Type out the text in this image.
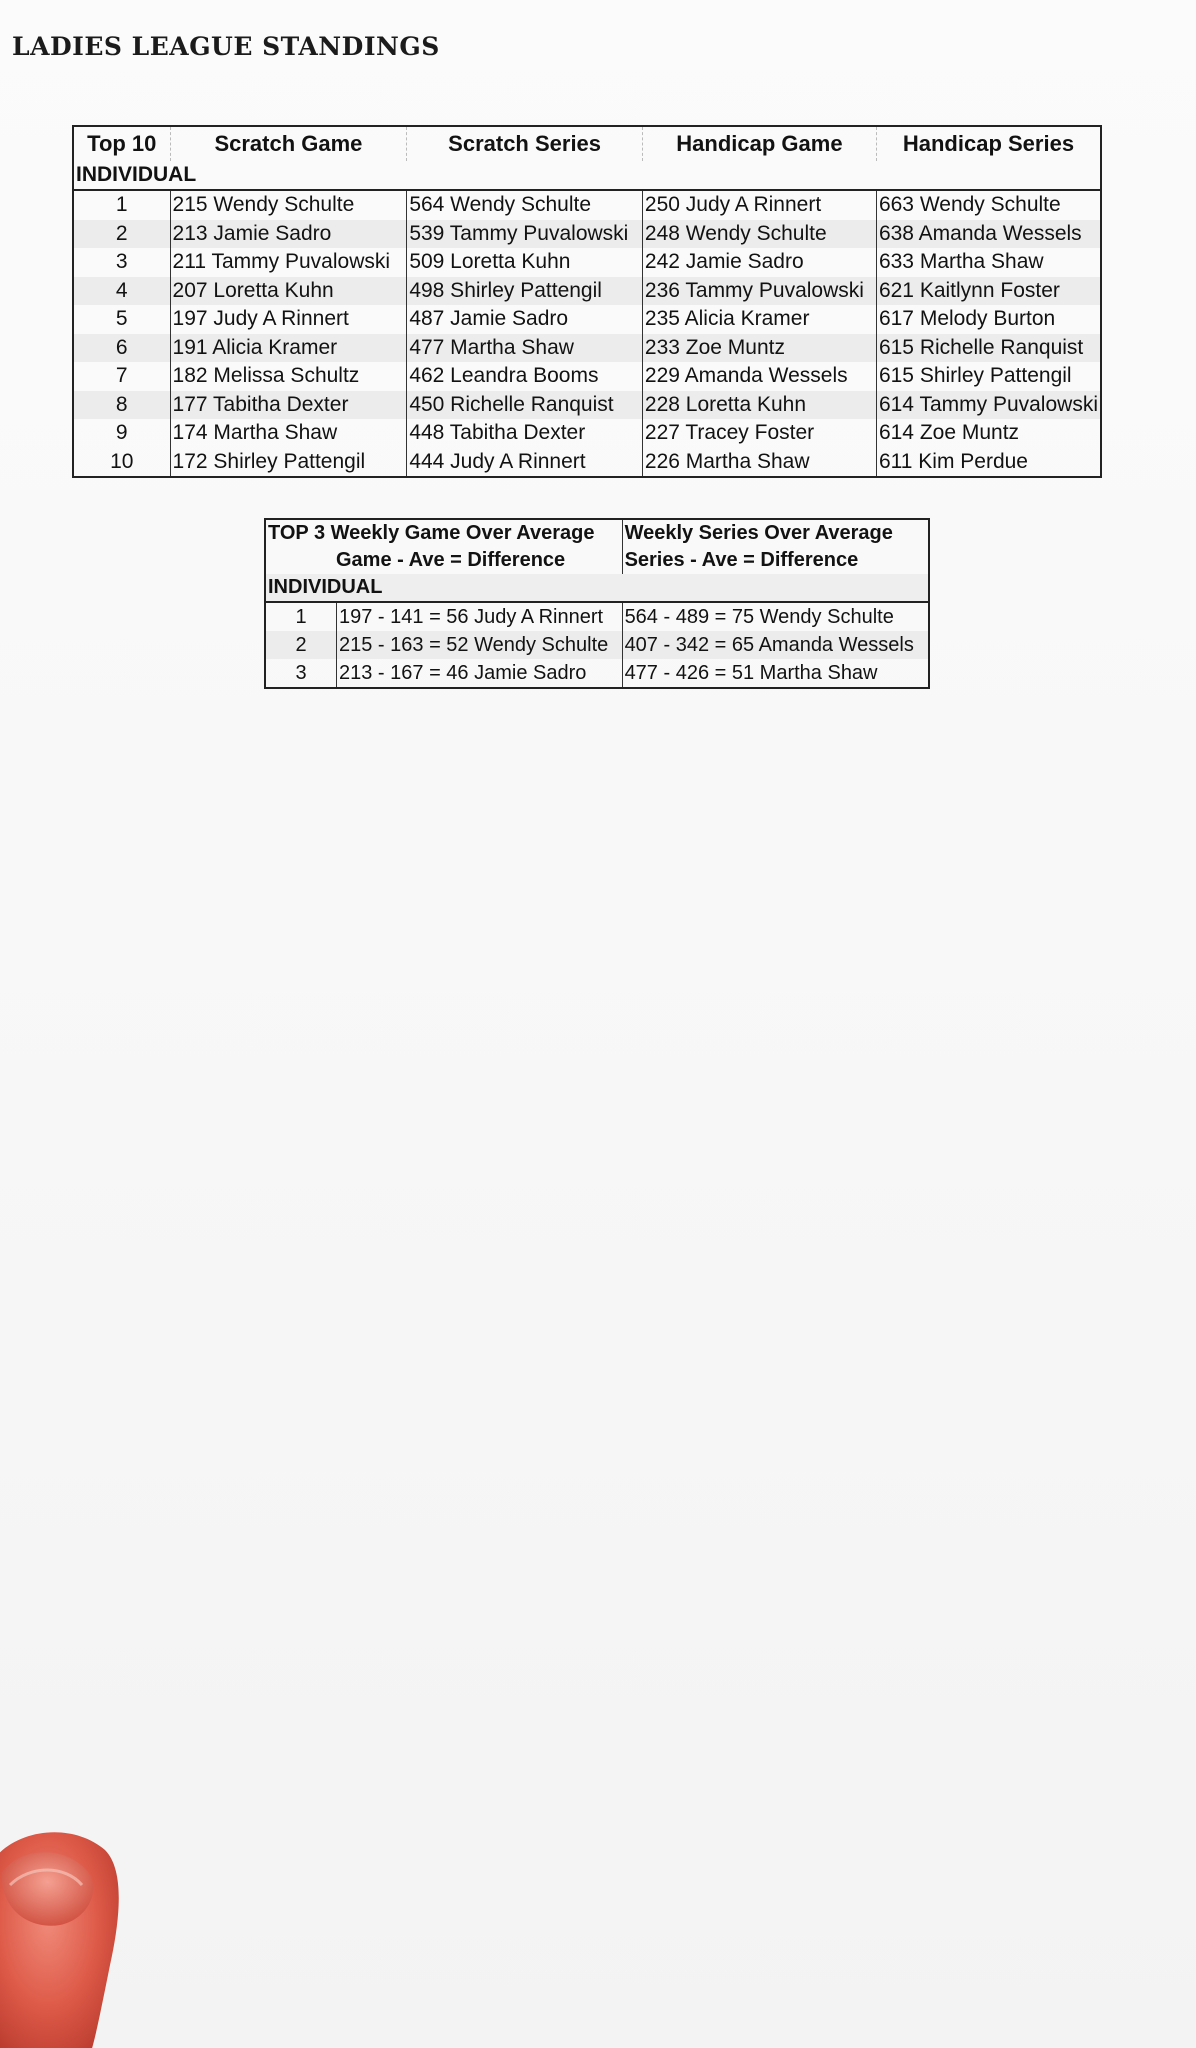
LADIES LEAGUE STANDINGS
Top 10	Scratch Game	Scratch Series	Handicap Game	Handicap Series
INDIVIDUAL				
1	215 Wendy Schulte	564 Wendy Schulte	250 Judy A Rinnert	663 Wendy Schulte
2	213 Jamie Sadro	539 Tammy Puvalowski	248 Wendy Schulte	638 Amanda Wessels
3	211 Tammy Puvalowski	509 Loretta Kuhn	242 Jamie Sadro	633 Martha Shaw
4	207 Loretta Kuhn	498 Shirley Pattengil	236 Tammy Puvalowski	621 Kaitlynn Foster
5	197 Judy A Rinnert	487 Jamie Sadro	235 Alicia Kramer	617 Melody Burton
6	191 Alicia Kramer	477 Martha Shaw	233 Zoe Muntz	615 Richelle Ranquist
7	182 Melissa Schultz	462 Leandra Booms	229 Amanda Wessels	615 Shirley Pattengil
8	177 Tabitha Dexter	450 Richelle Ranquist	228 Loretta Kuhn	614 Tammy Puvalowski
9	174 Martha Shaw	448 Tabitha Dexter	227 Tracey Foster	614 Zoe Muntz
10	172 Shirley Pattengil	444 Judy A Rinnert	226 Martha Shaw	611 Kim Perdue
TOP 3 Weekly Game Over Average		Weekly Series Over Average
Game - Ave = Difference		Series - Ave = Difference
INDIVIDUAL		
1	197 - 141 = 56 Judy A Rinnert	564 - 489 = 75 Wendy Schulte
2	215 - 163 = 52 Wendy Schulte	407 - 342 = 65 Amanda Wessels
3	213 - 167 = 46 Jamie Sadro	477 - 426 = 51 Martha Shaw
